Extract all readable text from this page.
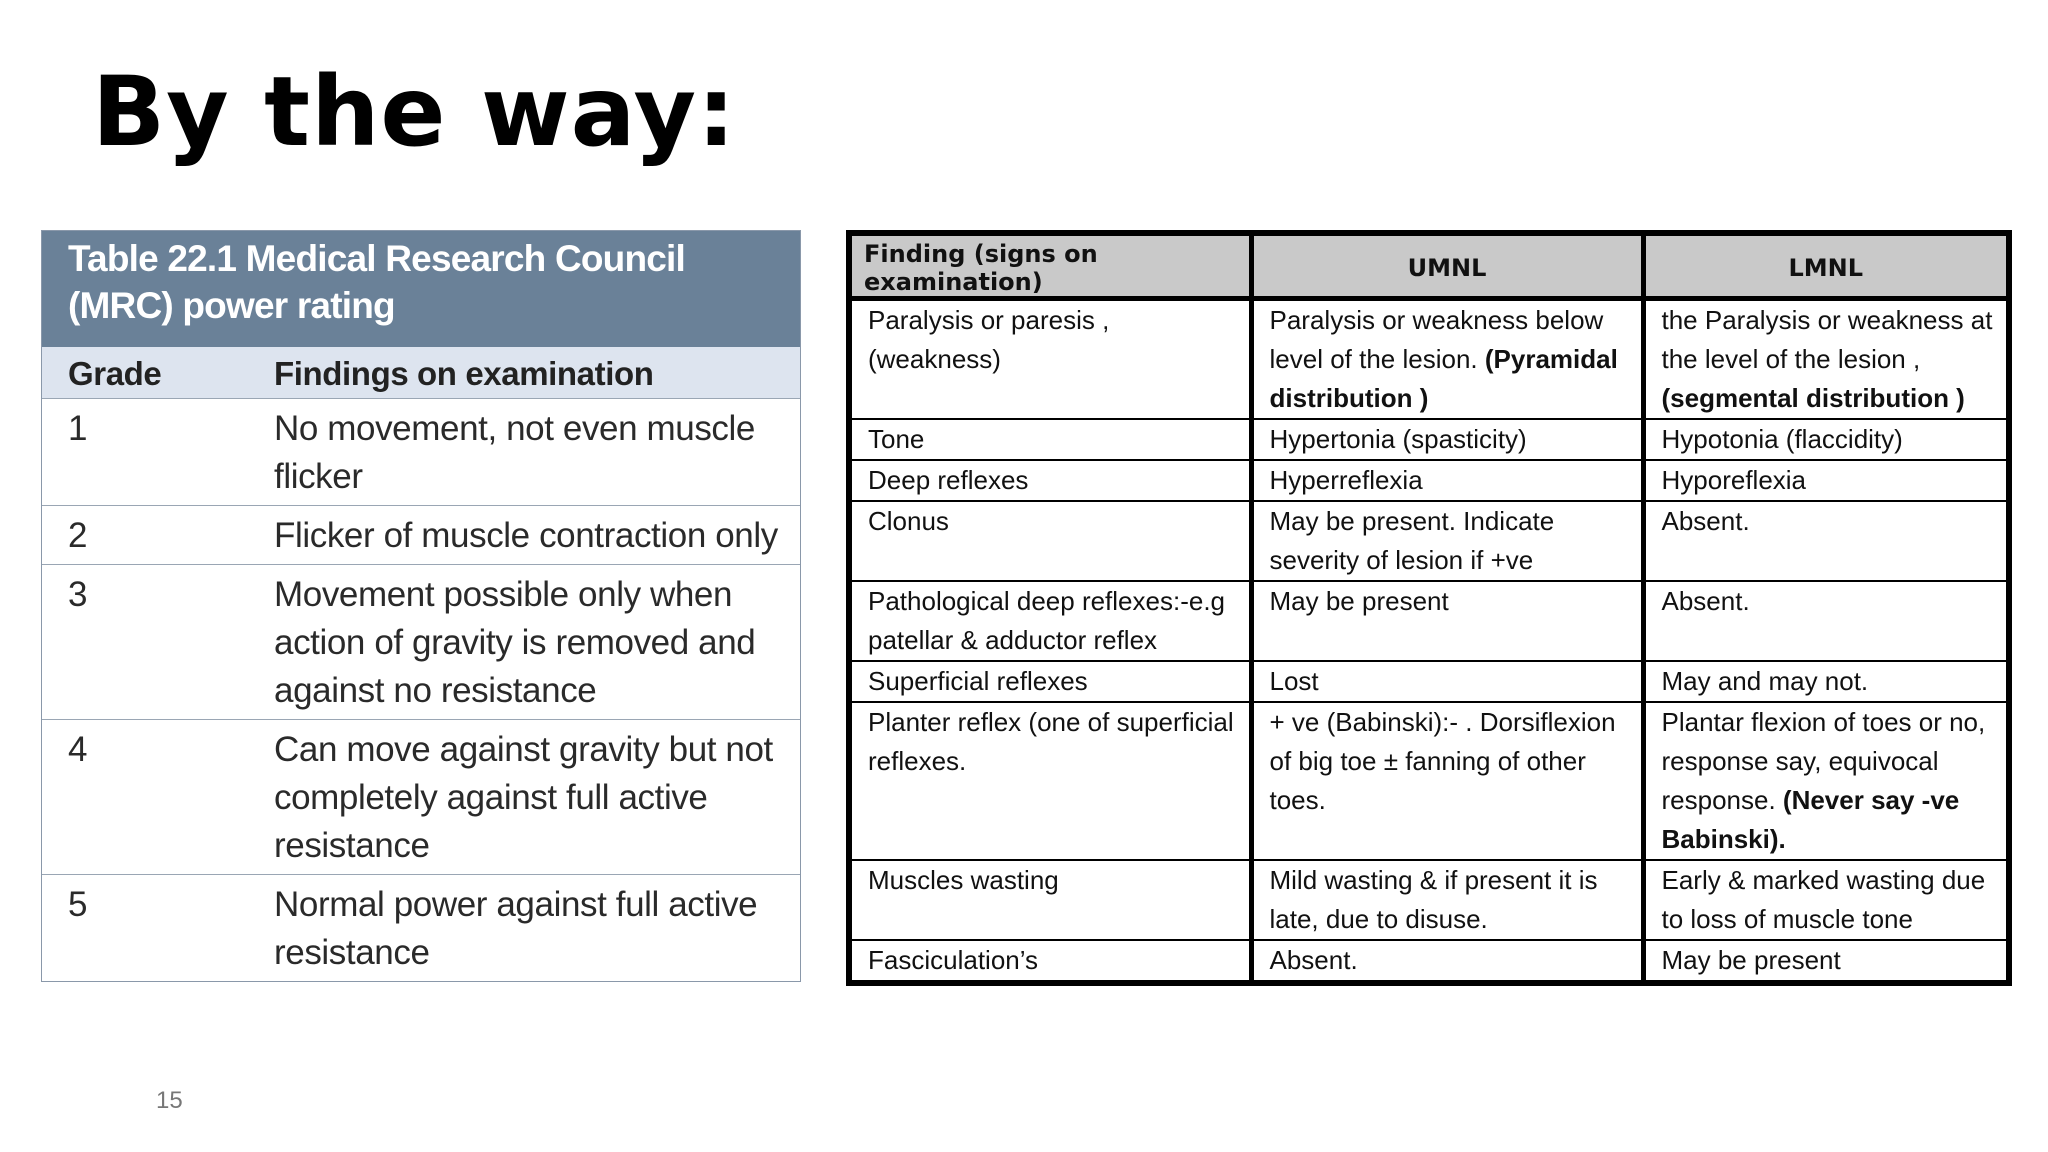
By the way:
Table 22.1 Medical Research Council (MRC) power rating
Grade	Findings on examination
1	No movement, not even muscle flicker
2	Flicker of muscle contraction only
3	Movement possible only when action of gravity is removed and against no resistance
4	Can move against gravity but not completely against full active resistance
5	Normal power against full active resistance
Finding (signs on examination)	UMNL	LMNL
Paralysis or paresis ,(weakness)	Paralysis or weakness below level of the lesion. (Pyramidal distribution )	the Paralysis or weakness at the level of the lesion , (segmental distribution )
Tone	Hypertonia (spasticity)	Hypotonia (flaccidity)
Deep reflexes	Hyperreflexia	Hyporeflexia
Clonus	May be present. Indicate severity of lesion if +ve	Absent.
Pathological deep reflexes:-e.g patellar & adductor reflex	May be present	Absent.
Superficial reflexes	Lost	May and may not.
Planter reflex (one of superficial reflexes.	+ ve (Babinski):- . Dorsiflexion of big toe ± fanning of other toes.	Plantar flexion of toes or no, response say, equivocal response. (Never say -ve Babinski).
Muscles wasting	Mild wasting & if present it is late, due to disuse.	Early & marked wasting due to loss of muscle tone
Fasciculation’s	Absent.	May be present
15
